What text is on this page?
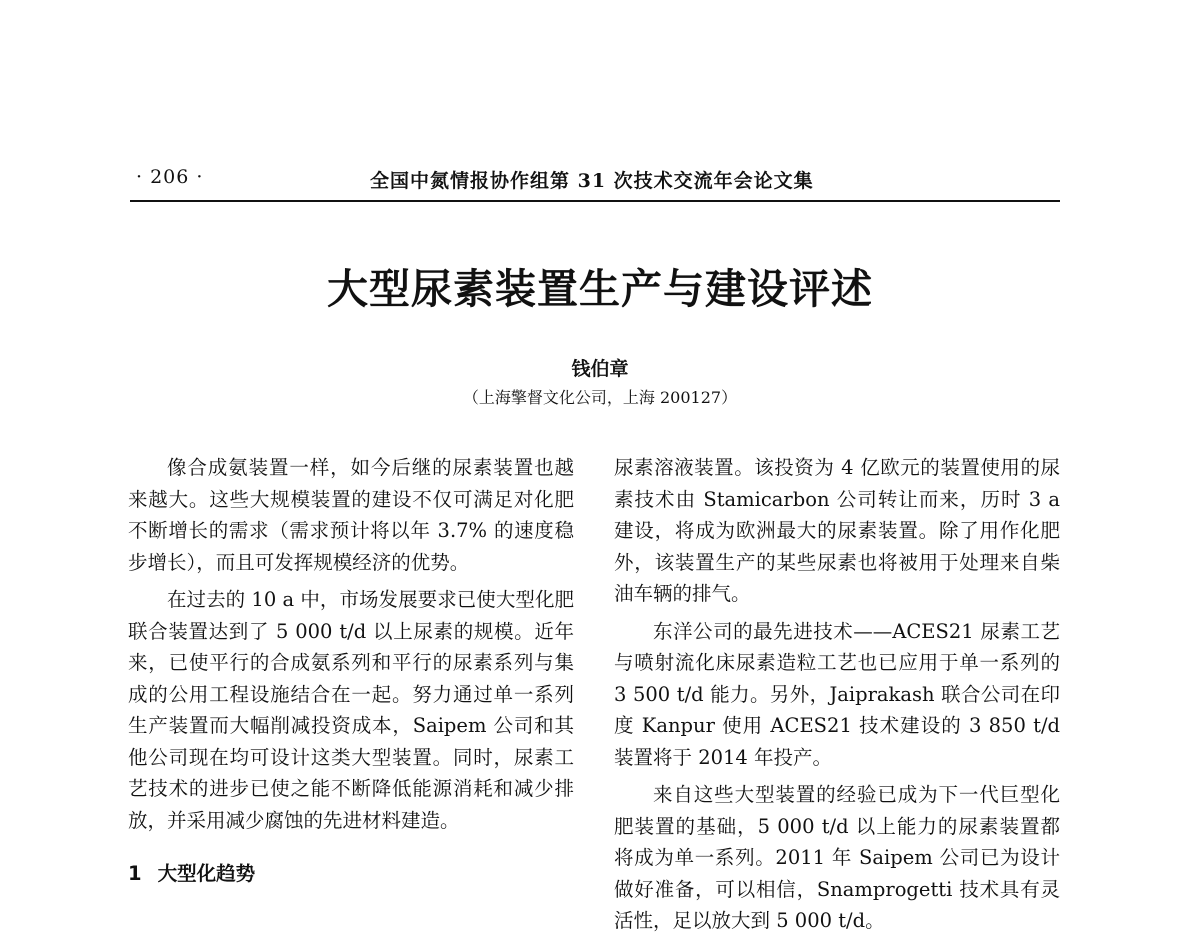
· 206 ·	全国中氮情报协作组第 31 次技术交流年会论文集
大型尿素装置生产与建设评述
钱伯章
（上海擎督文化公司，上海 200127）

像合成氨装置一样，如今后继的尿素装置也越来越大。这些大规模装置的建设不仅可满足对化肥不断增长的需求（需求预计将以年 3.7% 的速度稳步增长），而且可发挥规模经济的优势。

在过去的 10 a 中，市场发展要求已使大型化肥联合装置达到了 5 000 t/d 以上尿素的规模。近年来，已使平行的合成氨系列和平行的尿素系列与集成的公用工程设施结合在一起。努力通过单一系列生产装置而大幅削减投资成本，Saipem 公司和其他公司现在均可设计这类大型装置。同时，尿素工艺技术的进步已使之能不断降低能源消耗和减少排放，并采用减少腐蚀的先进材料建造。

1 大型化趋势

尿素溶液装置。该投资为 4 亿欧元的装置使用的尿素技术由 Stamicarbon 公司转让而来，历时 3 a 建设，将成为欧洲最大的尿素装置。除了用作化肥外，该装置生产的某些尿素也将被用于处理来自柴油车辆的排气。

东洋公司的最先进技术——ACES21 尿素工艺与喷射流化床尿素造粒工艺也已应用于单一系列的 3 500 t/d 能力。另外，Jaiprakash 联合公司在印度 Kanpur 使用 ACES21 技术建设的 3 850 t/d 装置将于 2014 年投产。

来自这些大型装置的经验已成为下一代巨型化肥装置的基础，5 000 t/d 以上能力的尿素装置都将成为单一系列。2011 年 Saipem 公司已为设计做好准备，可以相信，Snamprogetti 技术具有灵活性，足以放大到 5 000 t/d。
